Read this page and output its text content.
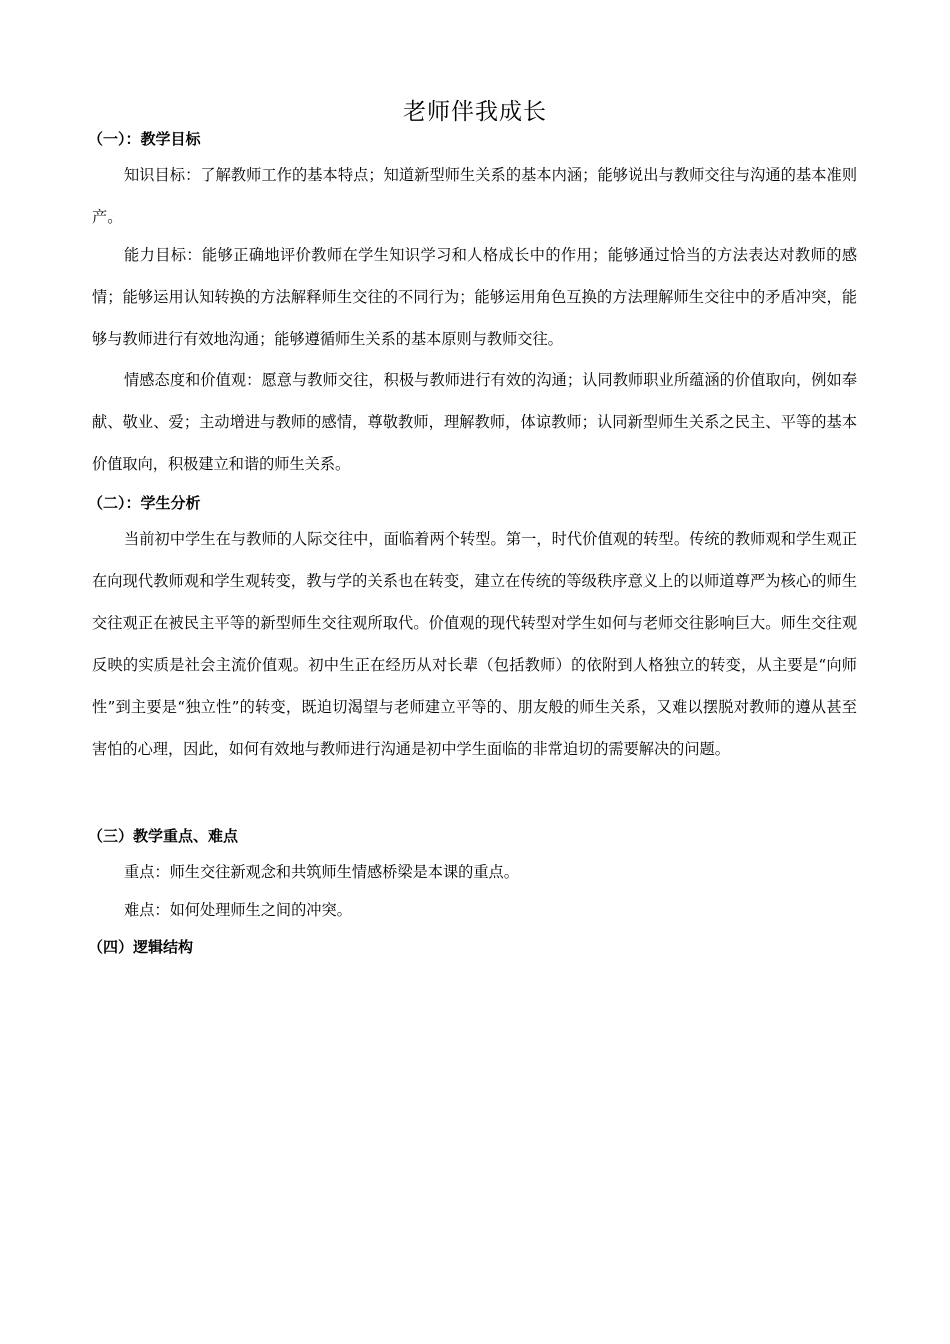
老师伴我成长
（一）：教学目标

知识目标：了解教师工作的基本特点；知道新型师生关系的基本内涵；能够说出与教师交往与沟通的基本准则产。

能力目标：能够正确地评价教师在学生知识学习和人格成长中的作用；能够通过恰当的方法表达对教师的感情；能够运用认知转换的方法解释师生交往的不同行为；能够运用角色互换的方法理解师生交往中的矛盾冲突，能够与教师进行有效地沟通；能够遵循师生关系的基本原则与教师交往。

情感态度和价值观：愿意与教师交往，积极与教师进行有效的沟通；认同教师职业所蕴涵的价值取向，例如奉献、敬业、爱；主动增进与教师的感情，尊敬教师，理解教师，体谅教师；认同新型师生关系之民主、平等的基本价值取向，积极建立和谐的师生关系。

（二）：学生分析

当前初中学生在与教师的人际交往中，面临着两个转型。第一，时代价值观的转型。传统的教师观和学生观正在向现代教师观和学生观转变，教与学的关系也在转变，建立在传统的等级秩序意义上的以师道尊严为核心的师生交往观正在被民主平等的新型师生交往观所取代。价值观的现代转型对学生如何与老师交往影响巨大。师生交往观反映的实质是社会主流价值观。初中生正在经历从对长辈（包括教师）的依附到人格独立的转变，从主要是“向师性”到主要是“独立性”的转变，既迫切渴望与老师建立平等的、朋友般的师生关系，又难以摆脱对教师的遵从甚至害怕的心理，因此，如何有效地与教师进行沟通是初中学生面临的非常迫切的需要解决的问题。

（三）教学重点、难点

重点：师生交往新观念和共筑师生情感桥梁是本课的重点。

难点：如何处理师生之间的冲突。

（四）逻辑结构
